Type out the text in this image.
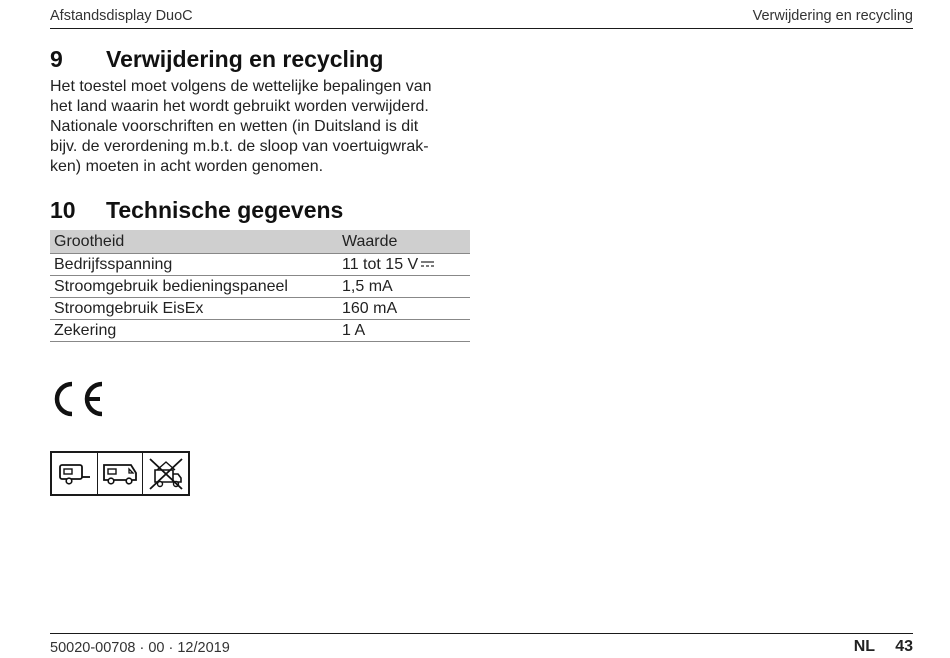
Afstandsdisplay DuoC	Verwijdering en recycling
9	Verwijdering en recycling
Het toestel moet volgens de wettelijke bepalingen van
het land waarin het wordt gebruikt worden verwijderd.
Nationale voorschriften en wetten (in Duitsland is dit
bijv. de verordening m.b.t. de sloop van voertuigwrak-
ken) moeten in acht worden genomen.
10	Technische gegevens
Grootheid	Waarde
Bedrijfsspanning	11 tot 15 V
Stroomgebruik bedieningspaneel	1,5 mA
Stroomgebruik EisEx	160 mA
Zekering	1 A
50020-00708 · 00 · 12/2019	NL 43
